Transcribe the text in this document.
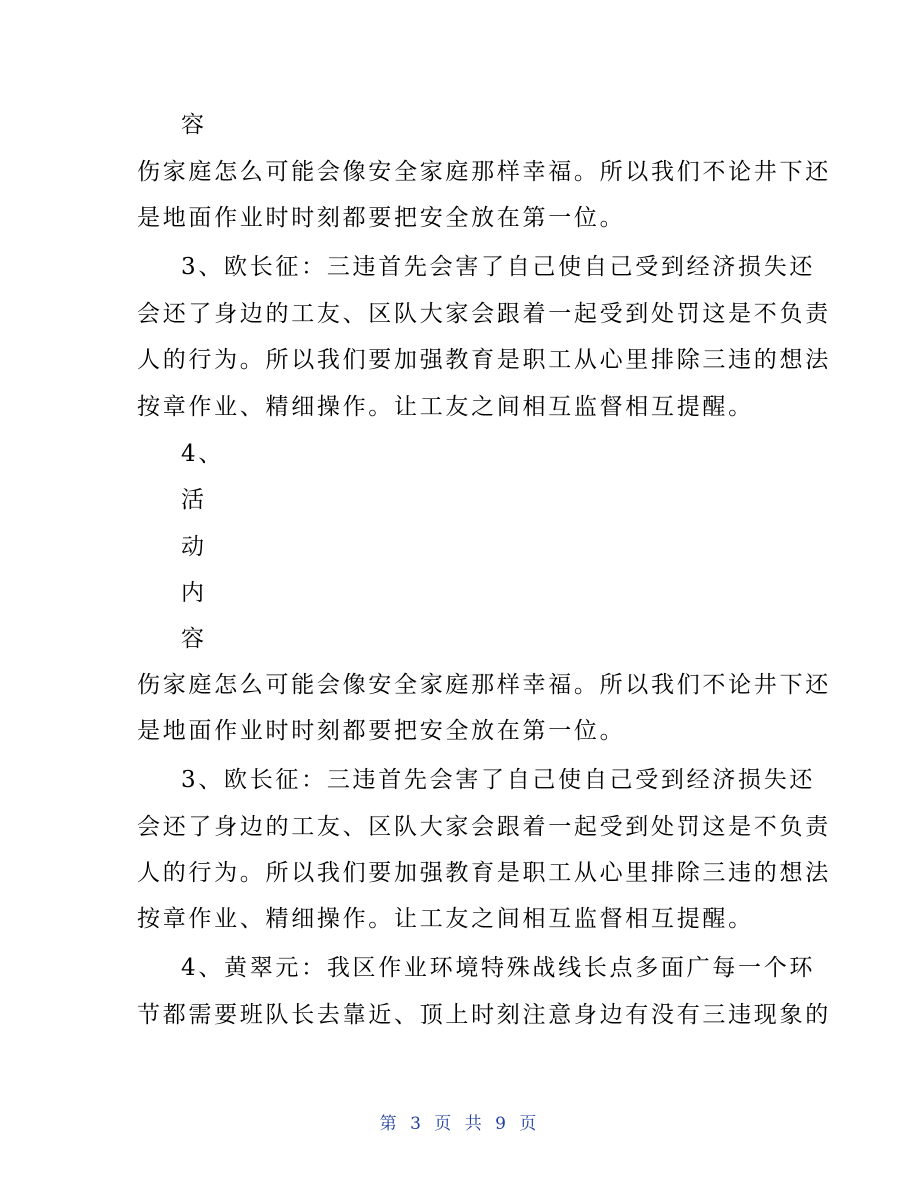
容
伤家庭怎么可能会像安全家庭那样幸福。所以我们不论井下还
是地面作业时时刻都要把安全放在第一位。
3、欧长征：三违首先会害了自己使自己受到经济损失还
会还了身边的工友、区队大家会跟着一起受到处罚这是不负责
人的行为。所以我们要加强教育是职工从心里排除三违的想法
按章作业、精细操作。让工友之间相互监督相互提醒。
4、
活
动
内
容
伤家庭怎么可能会像安全家庭那样幸福。所以我们不论井下还
是地面作业时时刻都要把安全放在第一位。
3、欧长征：三违首先会害了自己使自己受到经济损失还
会还了身边的工友、区队大家会跟着一起受到处罚这是不负责
人的行为。所以我们要加强教育是职工从心里排除三违的想法
按章作业、精细操作。让工友之间相互监督相互提醒。
4、黄翠元：我区作业环境特殊战线长点多面广每一个环
节都需要班队长去靠近、顶上时刻注意身边有没有三违现象的
第 3 页 共 9 页
